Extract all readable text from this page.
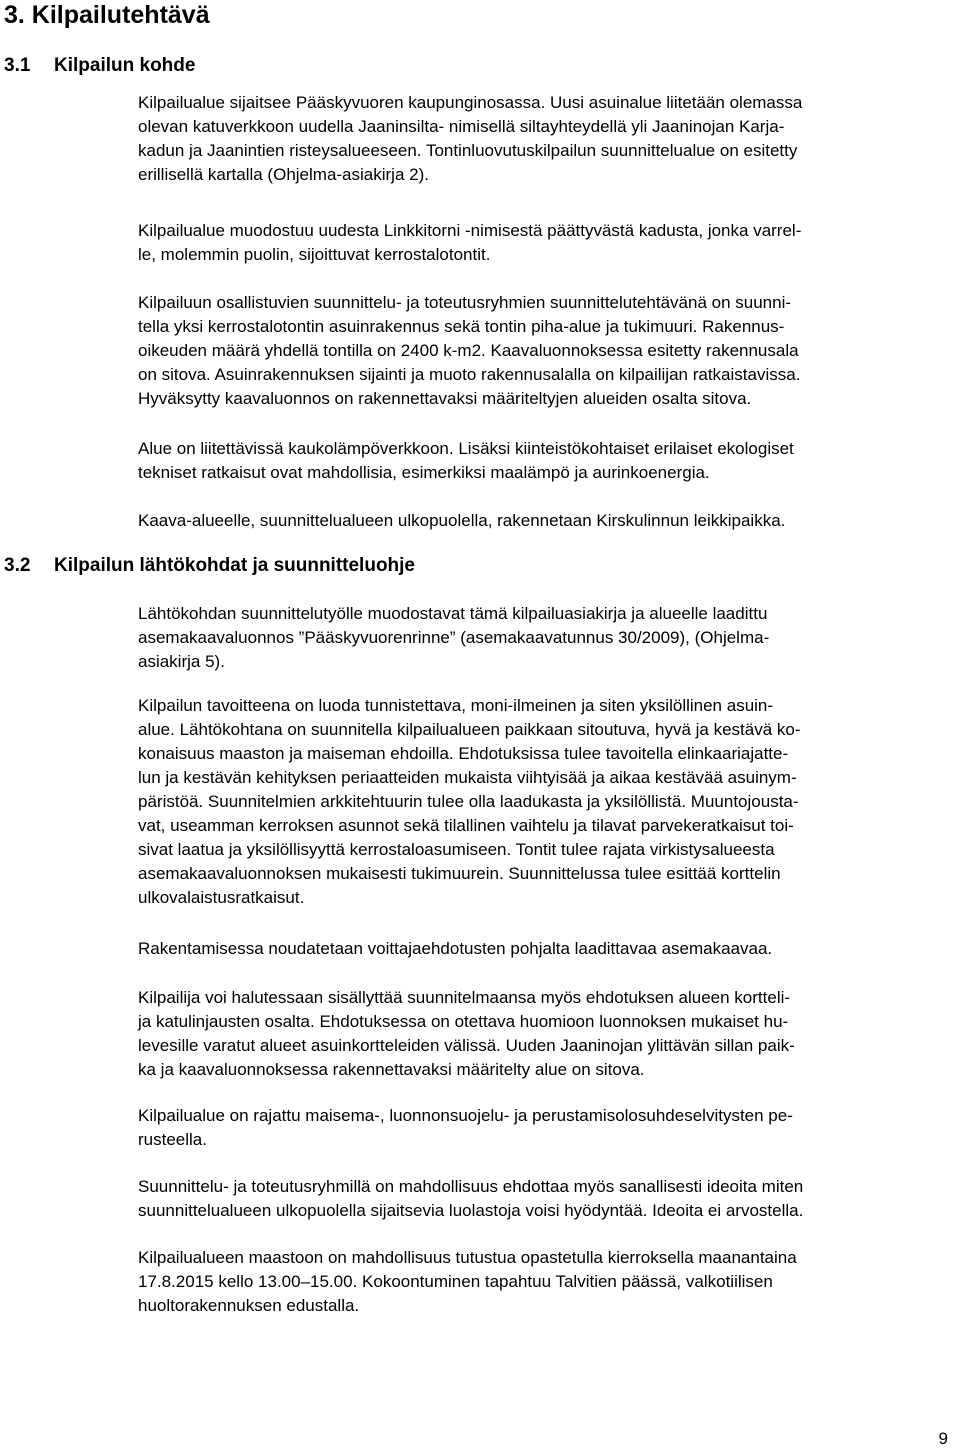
3. Kilpailutehtävä
3.1 Kilpailun kohde
Kilpailualue sijaitsee Pääskyvuoren kaupunginosassa. Uusi asuinalue liitetään olemassa
olevan katuverkkoon uudella Jaaninsilta- nimisellä siltayhteydellä yli Jaaninojan Karja-
kadun ja Jaanintien risteysalueeseen. Tontinluovutuskilpailun suunnittelualue on esitetty
erillisellä kartalla (Ohjelma-asiakirja 2).
Kilpailualue muodostuu uudesta Linkkitorni -nimisestä päättyvästä kadusta, jonka varrel-
le, molemmin puolin, sijoittuvat kerrostalotontit.
Kilpailuun osallistuvien suunnittelu- ja toteutusryhmien suunnittelutehtävänä on suunni-
tella yksi kerrostalotontin asuinrakennus sekä tontin piha-alue ja tukimuuri. Rakennus-
oikeuden määrä yhdellä tontilla on 2400 k-m2. Kaavaluonnoksessa esitetty rakennusala
on sitova. Asuinrakennuksen sijainti ja muoto rakennusalalla on kilpailijan ratkaistavissa.
Hyväksytty kaavaluonnos on rakennettavaksi määriteltyjen alueiden osalta sitova.
Alue on liitettävissä kaukolämpöverkkoon. Lisäksi kiinteistökohtaiset erilaiset ekologiset
tekniset ratkaisut ovat mahdollisia, esimerkiksi maalämpö ja aurinkoenergia.
Kaava-alueelle, suunnittelualueen ulkopuolella, rakennetaan Kirskulinnun leikkipaikka.
3.2 Kilpailun lähtökohdat ja suunnitteluohje
Lähtökohdan suunnittelutyölle muodostavat tämä kilpailuasiakirja ja alueelle laadittu
asemakaavaluonnos ”Pääskyvuorenrinne” (asemakaavatunnus 30/2009), (Ohjelma-
asiakirja 5).
Kilpailun tavoitteena on luoda tunnistettava, moni-ilmeinen ja siten yksilöllinen asuin-
alue. Lähtökohtana on suunnitella kilpailualueen paikkaan sitoutuva, hyvä ja kestävä ko-
konaisuus maaston ja maiseman ehdoilla. Ehdotuksissa tulee tavoitella elinkaariajatte-
lun ja kestävän kehityksen periaatteiden mukaista viihtyisää ja aikaa kestävää asuinym-
päristöä. Suunnitelmien arkkitehtuurin tulee olla laadukasta ja yksilöllistä. Muuntojousta-
vat, useamman kerroksen asunnot sekä tilallinen vaihtelu ja tilavat parvekeratkaisut toi-
sivat laatua ja yksilöllisyyttä kerrostaloasumiseen. Tontit tulee rajata virkistysalueesta
asemakaavaluonnoksen mukaisesti tukimuurein. Suunnittelussa tulee esittää korttelin
ulkovalaistusratkaisut.
Rakentamisessa noudatetaan voittajaehdotusten pohjalta laadittavaa asemakaavaa.
Kilpailija voi halutessaan sisällyttää suunnitelmaansa myös ehdotuksen alueen kortteli-
ja katulinjausten osalta. Ehdotuksessa on otettava huomioon luonnoksen mukaiset hu-
levesille varatut alueet asuinkortteleiden välissä. Uuden Jaaninojan ylittävän sillan paik-
ka ja kaavaluonnoksessa rakennettavaksi määritelty alue on sitova.
Kilpailualue on rajattu maisema-, luonnonsuojelu- ja perustamisolosuhdeselvitysten pe-
rusteella.
Suunnittelu- ja toteutusryhmillä on mahdollisuus ehdottaa myös sanallisesti ideoita miten
suunnittelualueen ulkopuolella sijaitsevia luolastoja voisi hyödyntää. Ideoita ei arvostella.
Kilpailualueen maastoon on mahdollisuus tutustua opastetulla kierroksella maanantaina
17.8.2015 kello 13.00–15.00. Kokoontuminen tapahtuu Talvitien päässä, valkotiilisen
huoltorakennuksen edustalla.
9
